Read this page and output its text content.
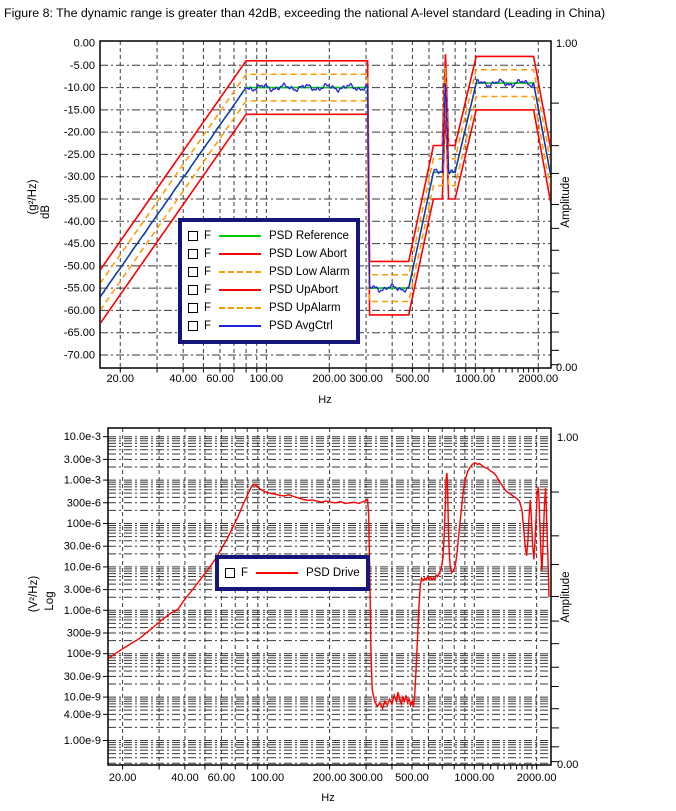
Figure 8: The dynamic range is greater than 42dB, exceeding the national A-level standard (Leading in China)
0.00
-5.00
-10.00
-15.00
-20.00
-25.00
-30.00
-35.00
-40.00
-45.00
-50.00
-55.00
-60.00
-65.00
-70.00
20.00	40.00 60.00 100.00	200.00 300.00 500.00 1000.00 2000.00
1.00
0.00
Hz
10.0e-3
3.00e-3
1.00e-3
300e-6
100e-6
30.0e-6
10.0e-6
3.00e-6
1.00e-6
300e-9
100e-9
30.0e-9
10.0e-9
4.00e-9
1.00e-9
20.00	40.00 60.00 100.00	200.00 300.00 500.00 1000.00 2000.00
1.00
0.00
Hz
(g²/Hz) dB	Amplitude
(V²/Hz) Log	Amplitude
F	PSD Reference
F	PSD Low Abort
F	PSD Low Alarm
F	PSD UpAbort
F	PSD UpAlarm
F	PSD AvgCtrl
F	PSD Drive
